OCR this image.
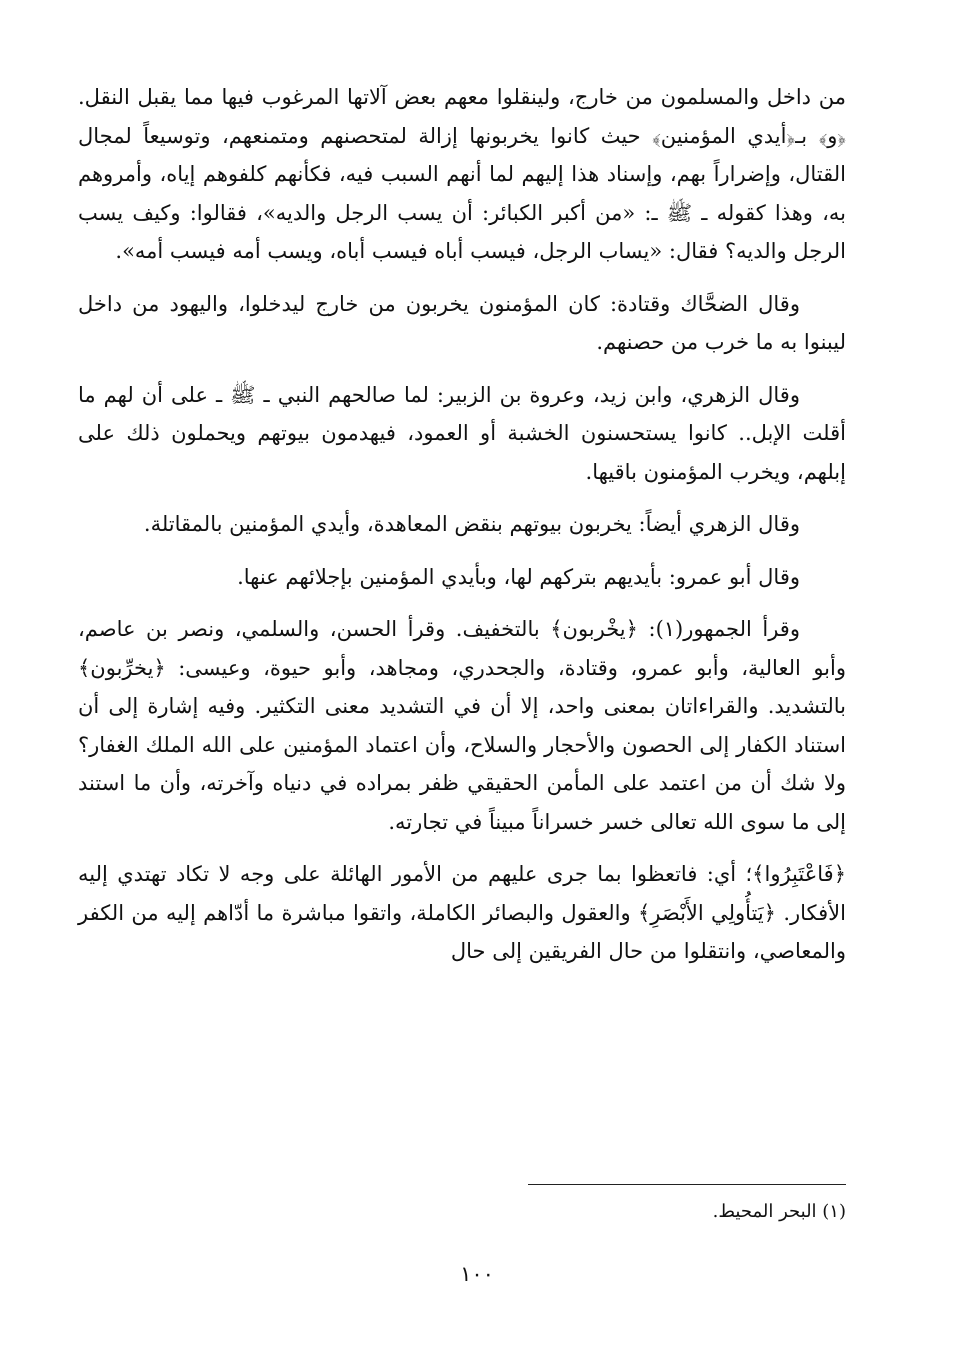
من داخل والمسلمون من خارج، ولينقلوا معهم بعض آلاتها المرغوب فيها مما يقبل النقل. ﴿و﴾ بـ﴿أيدي المؤمنين﴾ حيث كانوا يخربونها إزالة لمتحصنهم ومتمنعهم، وتوسيعاً لمجال القتال، وإضراراً بهم، وإسناد هذا إليهم لما أنهم السبب فيه، فكأنهم كلفوهم إياه، وأمروهم به، وهذا كقوله ـ ﷺ ـ: «من أكبر الكبائر: أن يسب الرجل والديه»، فقالوا: وكيف يسب الرجل والديه؟ فقال: «يساب الرجل، فيسب أباه فيسب أباه، ويسب أمه فيسب أمه».

وقال الضحَّاك وقتادة: كان المؤمنون يخربون من خارج ليدخلوا، واليهود من داخل ليبنوا به ما خرب من حصنهم.

وقال الزهري، وابن زيد، وعروة بن الزبير: لما صالحهم النبي ـ ﷺ ـ على أن لهم ما أقلت الإبل.. كانوا يستحسنون الخشبة أو العمود، فيهدمون بيوتهم ويحملون ذلك على إبلهم، ويخرب المؤمنون باقيها.

وقال الزهري أيضاً: يخربون بيوتهم بنقض المعاهدة، وأيدي المؤمنين بالمقاتلة.

وقال أبو عمرو: بأيديهم بتركهم لها، وبأيدي المؤمنين بإجلائهم عنها.

وقرأ الجمهور(١): ﴿يخْربون﴾ بالتخفيف. وقرأ الحسن، والسلمي، ونصر بن عاصم، وأبو العالية، وأبو عمرو، وقتادة، والجحدري، ومجاهد، وأبو حيوة، وعيسى: ﴿يخرِّبون﴾ بالتشديد. والقراءاتان بمعنى واحد، إلا أن في التشديد معنى التكثير. وفيه إشارة إلى أن استناد الكفار إلى الحصون والأحجار والسلاح، وأن اعتماد المؤمنين على الله الملك الغفار؟ ولا شك أن من اعتمد على المأمن الحقيقي ظفر بمراده في دنياه وآخرته، وأن ما استند إلى ما سوى الله تعالى خسر خسراناً مبيناً في تجارته.

﴿فَاعْتَبِرُوا﴾؛ أي: فاتعظوا بما جرى عليهم من الأمور الهائلة على وجه لا تكاد تهتدي إليه الأفكار. ﴿يَتأُولِي الأَبْصَرِ﴾ والعقول والبصائر الكاملة، واتقوا مباشرة ما أدّاهم إليه من الكفر والمعاصي، وانتقلوا من حال الفريقين إلى حال

(١) البحر المحيط.
١٠٠
